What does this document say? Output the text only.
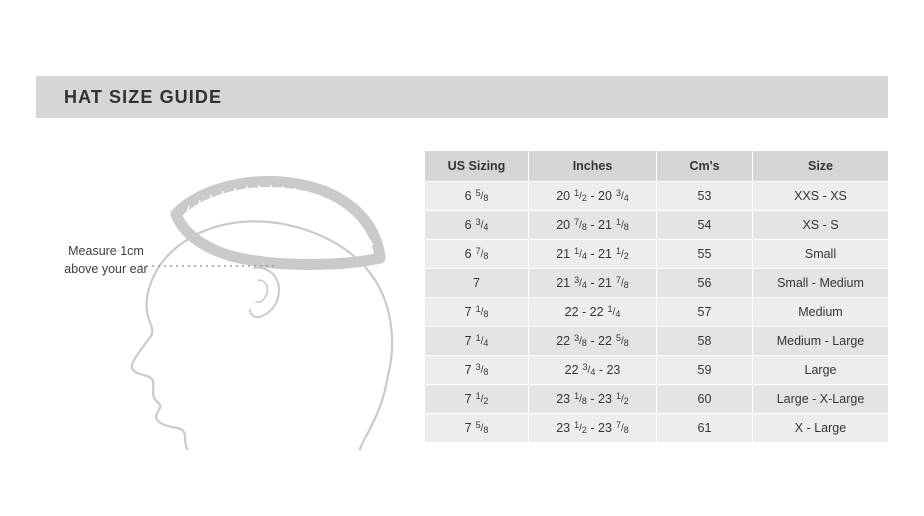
HAT SIZE GUIDE
Measure 1cm
above your ear
US Sizing	Inches	Cm's	Size
6 5/8	20 1/2 - 20 3/4	53	XXS - XS
6 3/4	20 7/8 - 21 1/8	54	XS - S
6 7/8	21 1/4 - 21 1/2	55	Small
7	21 3/4 - 21 7/8	56	Small - Medium
7 1/8	22 - 22 1/4	57	Medium
7 1/4	22 3/8 - 22 5/8	58	Medium - Large
7 3/8	22 3/4 - 23	59	Large
7 1/2	23 1/8 - 23 1/2	60	Large - X-Large
7 5/8	23 1/2 - 23 7/8	61	X - Large
